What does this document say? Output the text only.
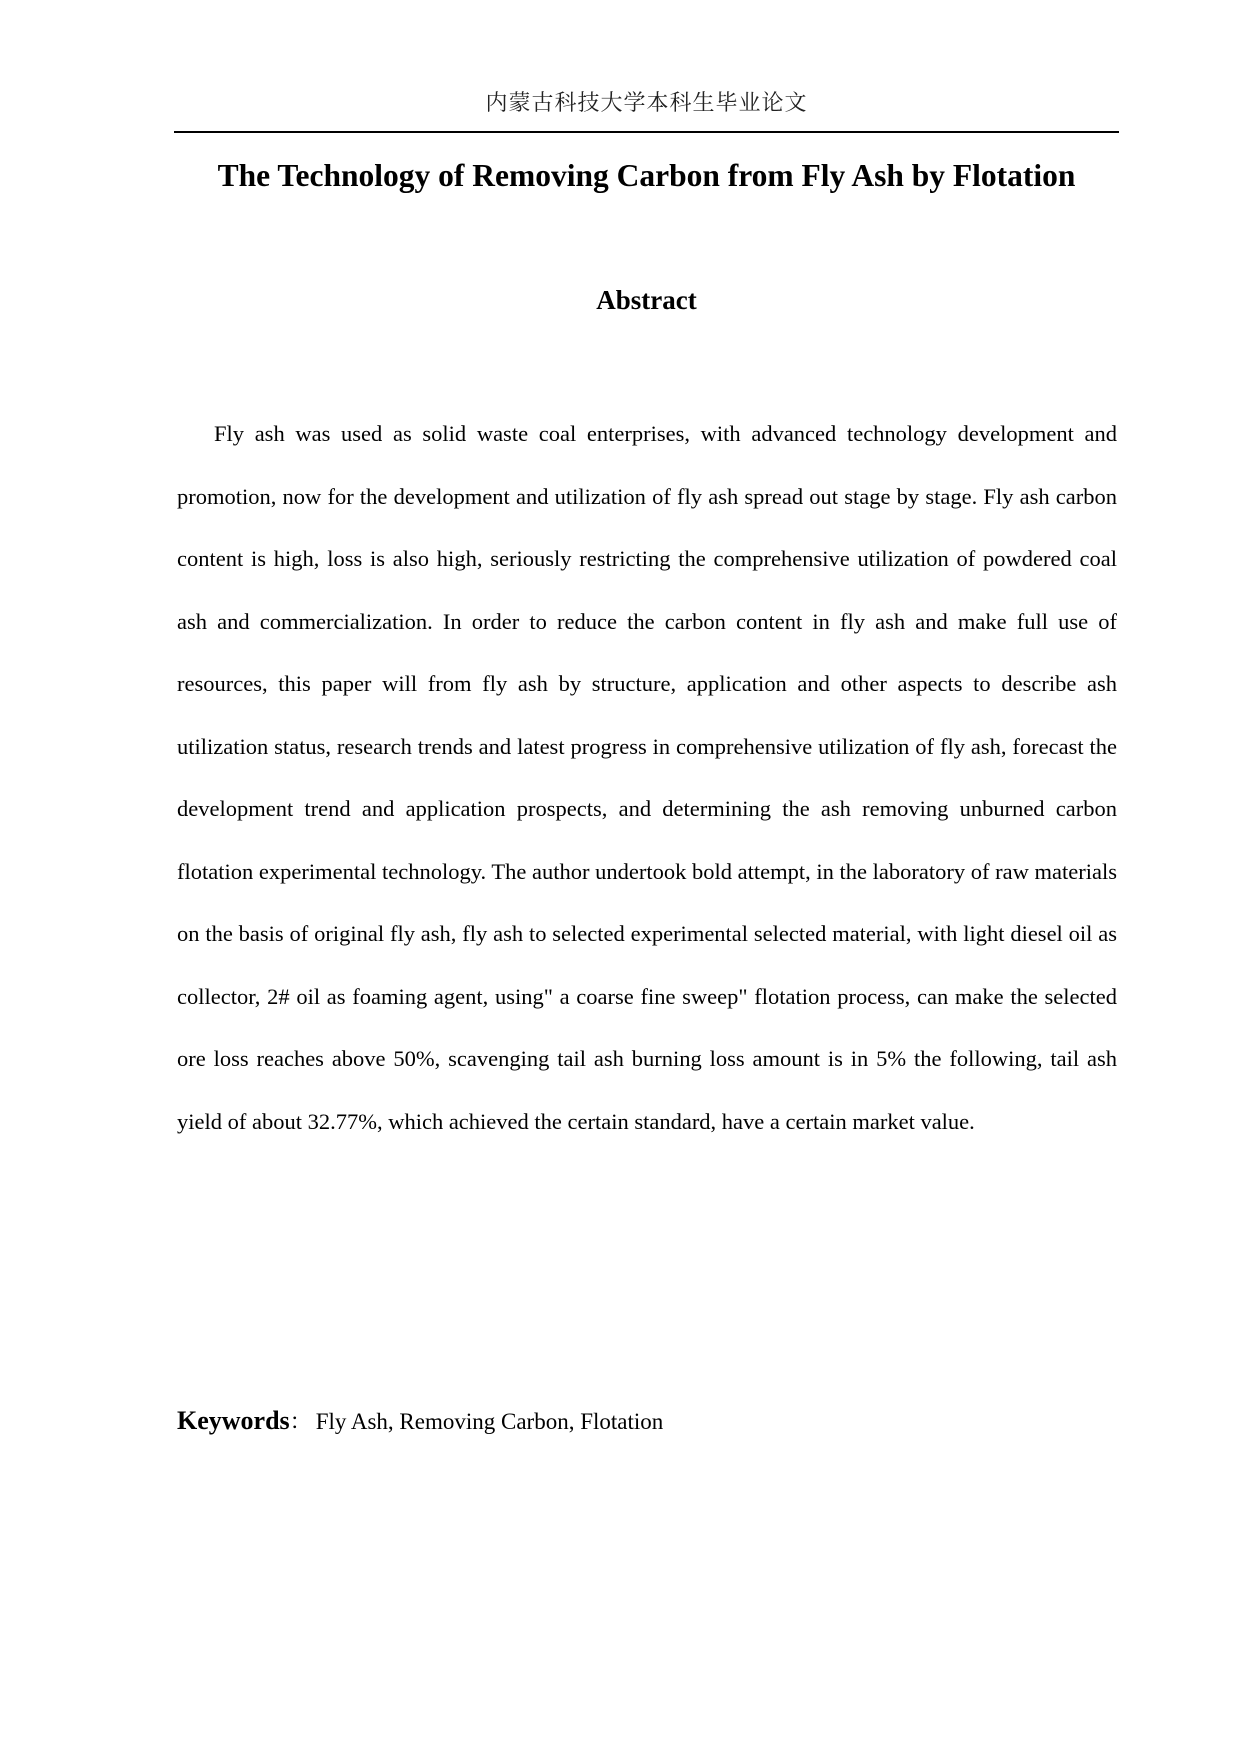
内蒙古科技大学本科生毕业论文
The Technology of Removing Carbon from Fly Ash by Flotation
Abstract

Fly ash was used as solid waste coal enterprises, with advanced technology development and promotion, now for the development and utilization of fly ash spread out stage by stage. Fly ash carbon content is high, loss is also high, seriously restricting the comprehensive utilization of powdered coal ash and commercialization. In order to reduce the carbon content in fly ash and make full use of resources, this paper will from fly ash by structure, application and other aspects to describe ash utilization status, research trends and latest progress in comprehensive utilization of fly ash, forecast the development trend and application prospects, and determining the ash removing unburned carbon flotation experimental technology. The author undertook bold attempt, in the laboratory of raw materials on the basis of original fly ash, fly ash to selected experimental selected material, with light diesel oil as collector, 2# oil as foaming agent, using" a coarse fine sweep" flotation process, can make the selected ore loss reaches above 50%, scavenging tail ash burning loss amount is in 5% the following, tail ash yield of about 32.77%, which achieved the certain standard, have a certain market value.

Keywords： Fly Ash, Removing Carbon, Flotation
